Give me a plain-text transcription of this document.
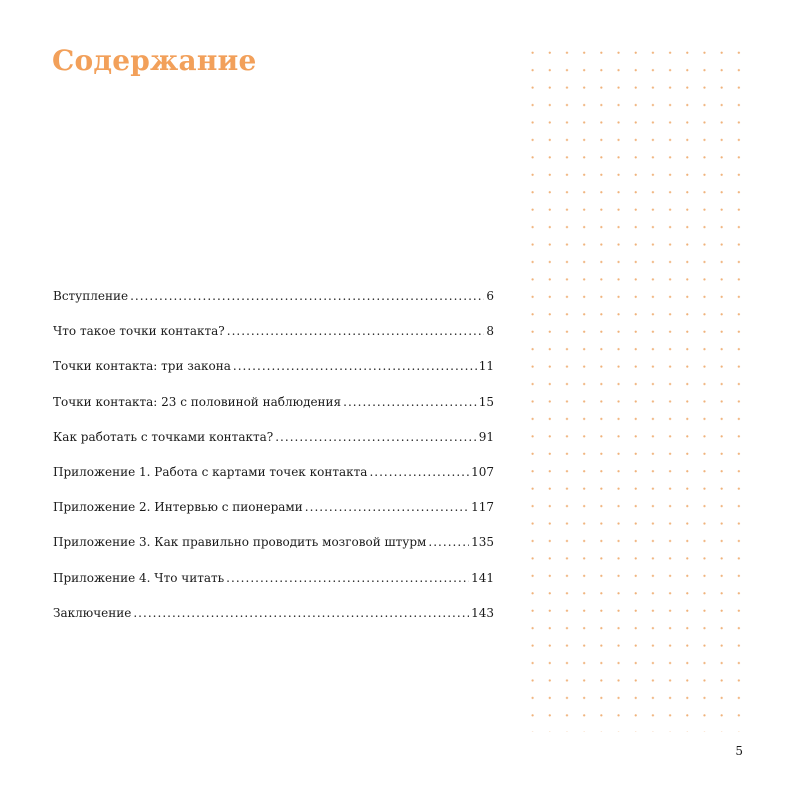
Содержание
Вступление . . .	6
Что такое точки контакта? . . .	8
Точки контакта: три закона . . .	11
Точки контакта: 23 с половиной наблюдения . . .	15
Как работать с точками контакта? . . .	91
Приложение 1. Работа с картами точек контакта . . .	107
Приложение 2. Интервью с пионерами . . .	117
Приложение 3. Как правильно проводить мозговой штурм . . .	135
Приложение 4. Что читать . . .	141
Заключение . . .	143
5
